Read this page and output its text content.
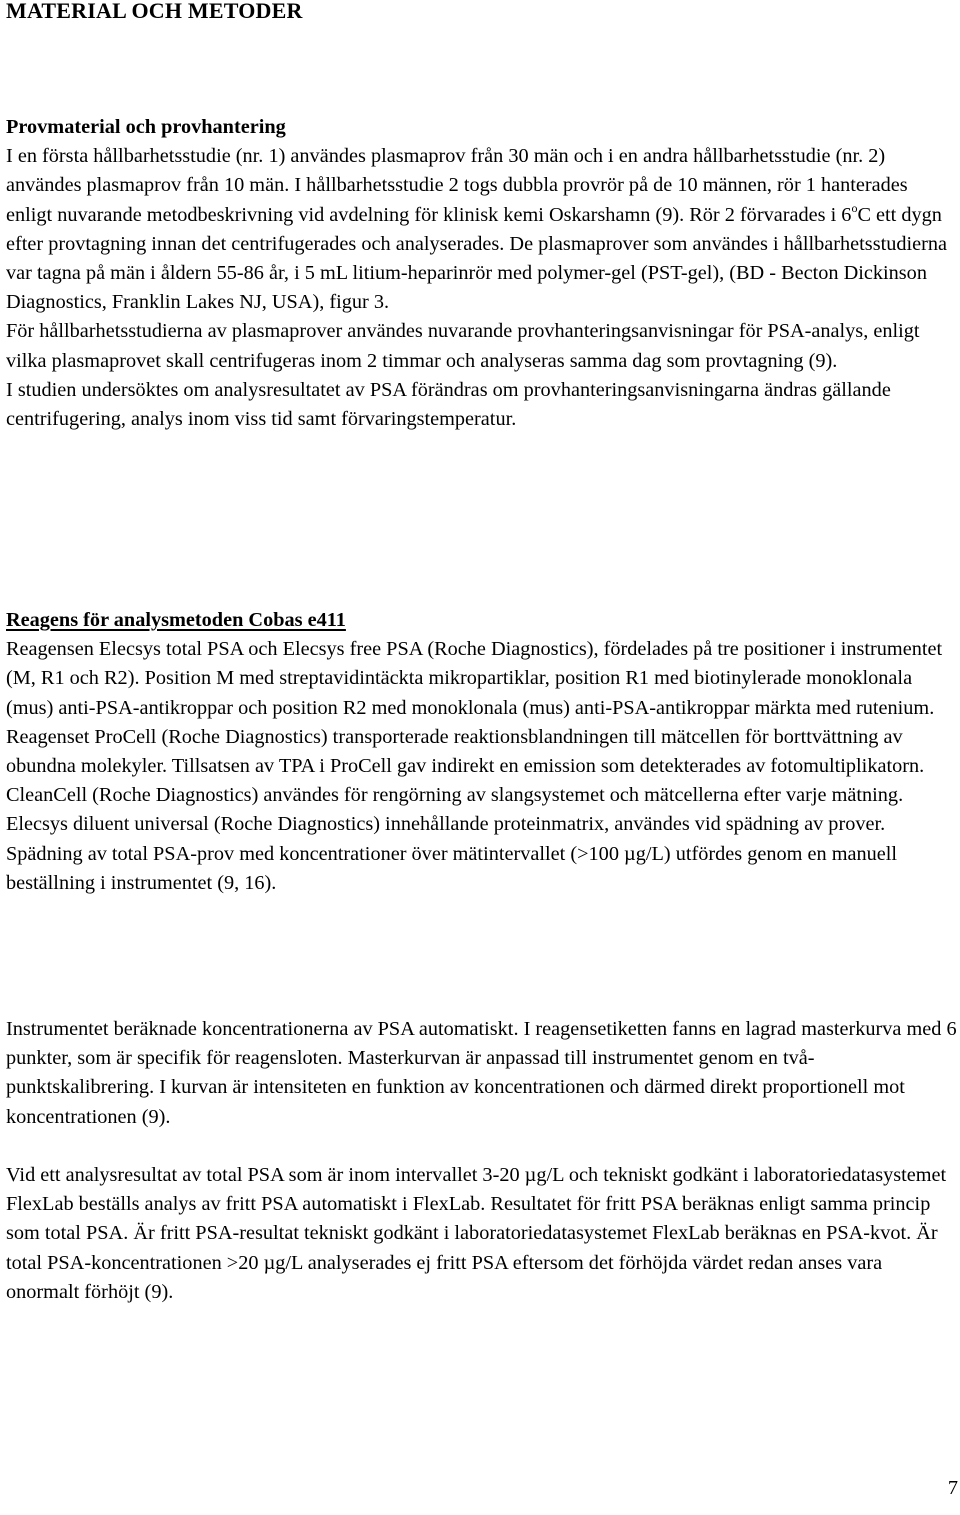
MATERIAL OCH METODER

Provmaterial och provhantering

I en första hållbarhetsstudie (nr. 1) användes plasmaprov från 30 män och i en andra hållbarhetsstudie (nr. 2) användes plasmaprov från 10 män. I hållbarhetsstudie 2 togs dubbla provrör på de 10 männen, rör 1 hanterades enligt nuvarande metodbeskrivning vid avdelning för klinisk kemi Oskarshamn (9). Rör 2 förvarades i 6$^o$C ett dygn efter provtagning innan det centrifugerades och analyserades. De plasmaprover som användes i hållbarhetsstudierna var tagna på män i åldern 55-86 år, i 5 mL litium-heparinrör med polymer-gel (PST-gel), (BD - Becton Dickinson Diagnostics, Franklin Lakes NJ, USA), figur 3.

För hållbarhetsstudierna av plasmaprover användes nuvarande provhanteringsanvisningar för PSA-analys, enligt vilka plasmaprovet skall centrifugeras inom 2 timmar och analyseras samma dag som provtagning (9).

I studien undersöktes om analysresultatet av PSA förändras om provhanteringsanvisningarna ändras gällande centrifugering, analys inom viss tid samt förvaringstemperatur.

Reagens för analysmetoden Cobas e411

Reagensen Elecsys total PSA och Elecsys free PSA (Roche Diagnostics), fördelades på tre positioner i instrumentet (M, R1 och R2). Position M med streptavidintäckta mikropartiklar, position R1 med biotinylerade monoklonala (mus) anti-PSA-antikroppar och position R2 med monoklonala (mus) anti-PSA-antikroppar märkta med rutenium.

Reagenset ProCell (Roche Diagnostics) transporterade reaktionsblandningen till mätcellen för borttvättning av obundna molekyler. Tillsatsen av TPA i ProCell gav indirekt en emission som detekterades av fotomultiplikatorn.

CleanCell (Roche Diagnostics) användes för rengörning av slangsystemet och mätcellerna efter varje mätning.

Elecsys diluent universal (Roche Diagnostics) innehållande proteinmatrix, användes vid spädning av prover. Spädning av total PSA-prov med koncentrationer över mätintervallet (>100 µg/L) utfördes genom en manuell beställning i instrumentet (9, 16).

Instrumentet beräknade koncentrationerna av PSA automatiskt. I reagensetiketten fanns en lagrad masterkurva med 6 punkter, som är specifik för reagensloten. Masterkurvan är anpassad till instrumentet genom en två-punktskalibrering. I kurvan är intensiteten en funktion av koncentrationen och därmed direkt proportionell mot koncentrationen (9).

Vid ett analysresultat av total PSA som är inom intervallet 3-20 µg/L och tekniskt godkänt i laboratoriedatasystemet FlexLab beställs analys av fritt PSA automatiskt i FlexLab. Resultatet för fritt PSA beräknas enligt samma princip som total PSA. Är fritt PSA-resultat tekniskt godkänt i laboratoriedatasystemet FlexLab beräknas en PSA-kvot. Är total PSA-koncentrationen >20 µg/L analyserades ej fritt PSA eftersom det förhöjda värdet redan anses vara onormalt förhöjt (9).

7
